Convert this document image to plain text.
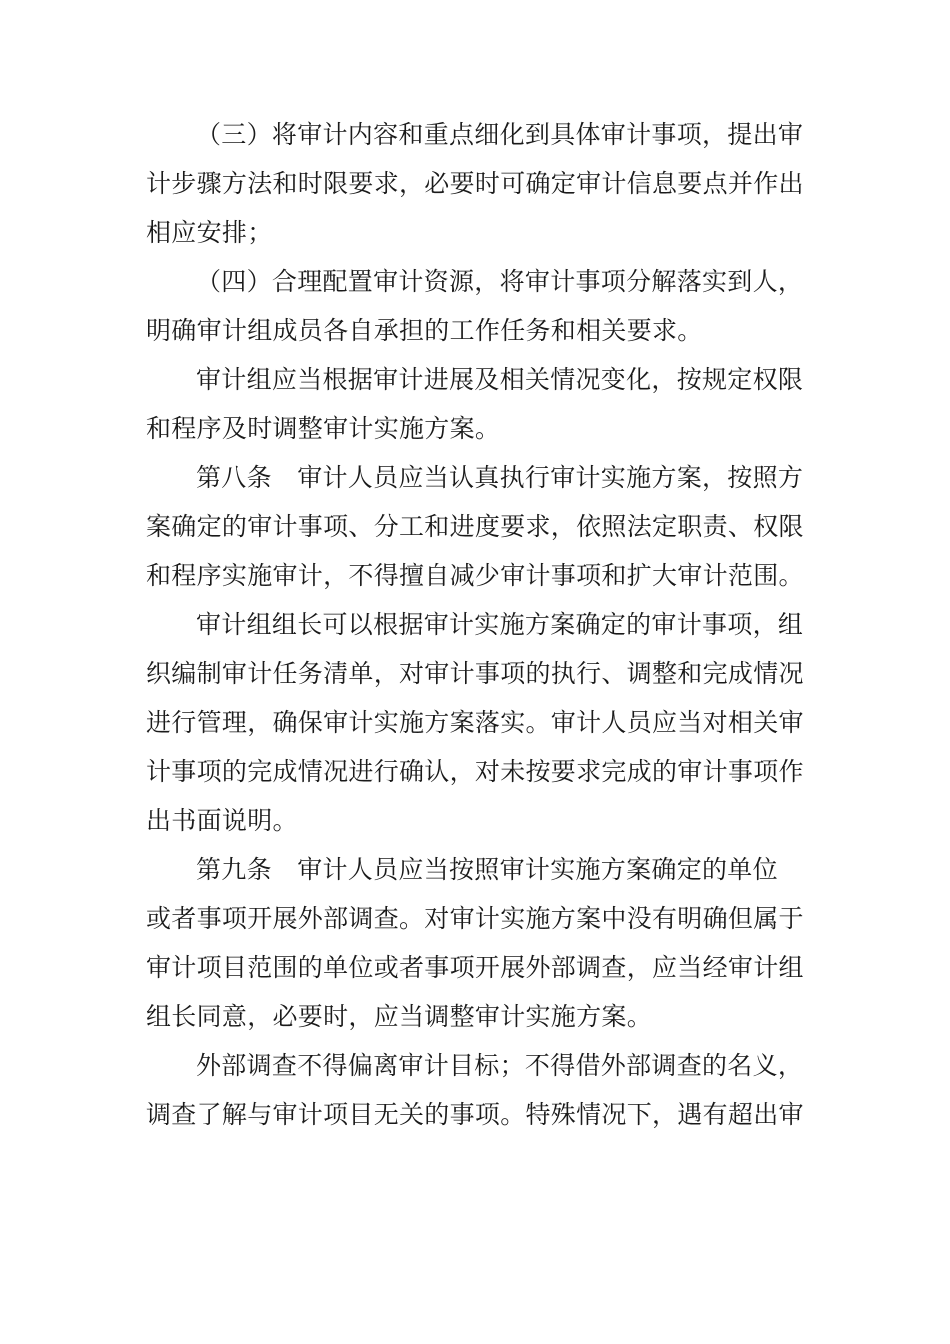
（三）将审计内容和重点细化到具体审计事项，提出审
计步骤方法和时限要求，必要时可确定审计信息要点并作出
相应安排；
（四）合理配置审计资源，将审计事项分解落实到人，
明确审计组成员各自承担的工作任务和相关要求。
审计组应当根据审计进展及相关情况变化，按规定权限
和程序及时调整审计实施方案。
第八条　审计人员应当认真执行审计实施方案，按照方
案确定的审计事项、分工和进度要求，依照法定职责、权限
和程序实施审计，不得擅自减少审计事项和扩大审计范围。
审计组组长可以根据审计实施方案确定的审计事项，组
织编制审计任务清单，对审计事项的执行、调整和完成情况
进行管理，确保审计实施方案落实。审计人员应当对相关审
计事项的完成情况进行确认，对未按要求完成的审计事项作
出书面说明。
第九条　审计人员应当按照审计实施方案确定的单位
或者事项开展外部调查。对审计实施方案中没有明确但属于
审计项目范围的单位或者事项开展外部调查，应当经审计组
组长同意，必要时，应当调整审计实施方案。
外部调查不得偏离审计目标；不得借外部调查的名义，
调查了解与审计项目无关的事项。特殊情况下，遇有超出审
